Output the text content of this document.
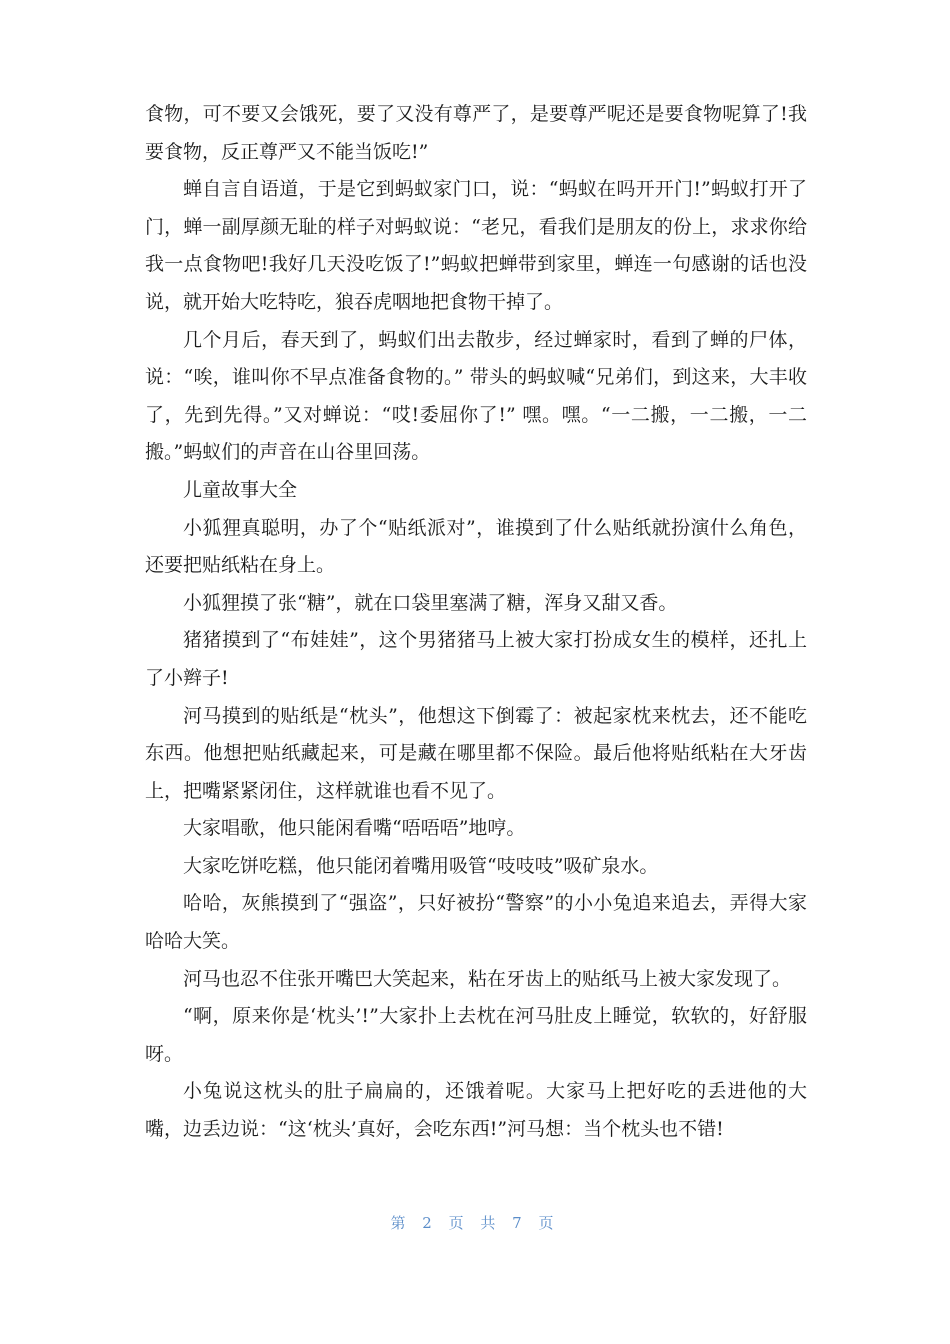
食物，可不要又会饿死，要了又没有尊严了，是要尊严呢还是要食物呢算了!我要食物，反正尊严又不能当饭吃!”

蝉自言自语道，于是它到蚂蚁家门口，说：“蚂蚁在吗开开门!”蚂蚁打开了门，蝉一副厚颜无耻的样子对蚂蚁说：“老兄，看我们是朋友的份上，求求你给我一点食物吧!我好几天没吃饭了!”蚂蚁把蝉带到家里，蝉连一句感谢的话也没说，就开始大吃特吃，狼吞虎咽地把食物干掉了。

几个月后，春天到了，蚂蚁们出去散步，经过蝉家时，看到了蝉的尸体，说：“唉，谁叫你不早点准备食物的。” 带头的蚂蚁喊“兄弟们，到这来，大丰收了，先到先得。”又对蝉说：“哎!委屈你了!” 嘿。嘿。“一二搬，一二搬，一二搬。”蚂蚁们的声音在山谷里回荡。

儿童故事大全

小狐狸真聪明，办了个“贴纸派对”，谁摸到了什么贴纸就扮演什么角色，还要把贴纸粘在身上。

小狐狸摸了张“糖”，就在口袋里塞满了糖，浑身又甜又香。

猪猪摸到了“布娃娃”，这个男猪猪马上被大家打扮成女生的模样，还扎上了小辫子!

河马摸到的贴纸是“枕头”，他想这下倒霉了：被起家枕来枕去，还不能吃东西。他想把贴纸藏起来，可是藏在哪里都不保险。最后他将贴纸粘在大牙齿上，把嘴紧紧闭住，这样就谁也看不见了。

大家唱歌，他只能闲看嘴“唔唔唔”地哼。

大家吃饼吃糕，他只能闭着嘴用吸管“吱吱吱”吸矿泉水。

哈哈，灰熊摸到了“强盗”，只好被扮“警察”的小小兔追来追去，弄得大家哈哈大笑。

河马也忍不住张开嘴巴大笑起来，粘在牙齿上的贴纸马上被大家发现了。

“啊，原来你是‘枕头’!”大家扑上去枕在河马肚皮上睡觉，软软的，好舒服呀。

小兔说这枕头的肚子扁扁的，还饿着呢。大家马上把好吃的丢进他的大嘴，边丢边说：“这‘枕头’真好，会吃东西!”河马想：当个枕头也不错!

第 2 页 共 7 页
